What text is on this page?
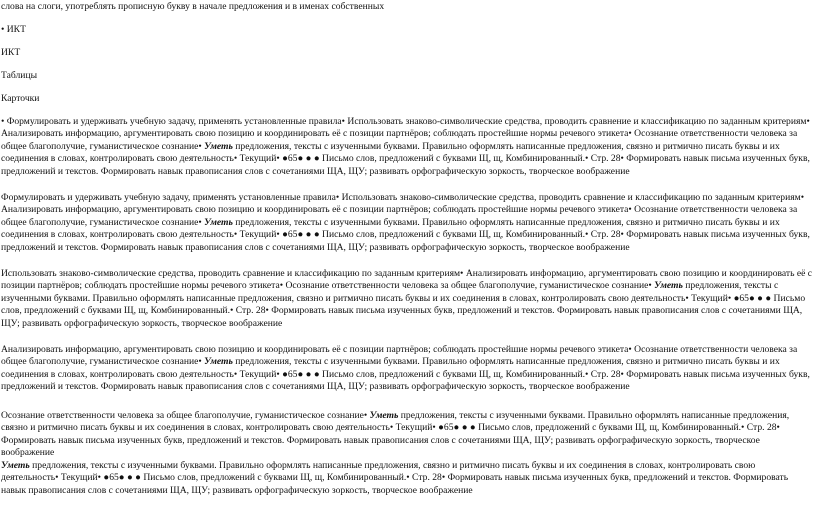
слова на слоги, употреблять прописную букву в начале предложения и в именах собственных
• ИКТ
ИКТ
Таблицы
Карточки
• Формулировать и удерживать учебную задачу, применять установленные правила• Использовать знаково-символические средства, проводить сравнение и классификацию по заданным критериям• Анализировать информацию, аргументировать свою позицию и координировать её с позиции партнёров; соблюдать простейшие нормы речевого этикета• Осознание ответственности человека за общее благополучие, гуманистическое сознание• Уметь предложения, тексты с изученными буквами. Правильно оформлять написанные предложения, связно и ритмично писать буквы и их соединения в словах, контролировать свою деятельность• Текущий• ●65● ● ● Письмо слов, предложений с буквами Щ, щ, Комбинированный.• Стр. 28• Формировать навык письма изученных букв, предложений и текстов. Формировать навык правописания слов с сочетаниями ЩΑ, ЩУ; развивать орфографическую зоркость, творческое воображение
Формулировать и удерживать учебную задачу, применять установленные правила• Использовать знаково-символические средства, проводить сравнение и классификацию по заданным критериям• Анализировать информацию, аргументировать свою позицию и координировать её с позиции партнёров; соблюдать простейшие нормы речевого этикета• Осознание ответственности человека за общее благополучие, гуманистическое сознание• Уметь предложения, тексты с изученными буквами. Правильно оформлять написанные предложения, связно и ритмично писать буквы и их соединения в словах, контролировать свою деятельность• Текущий• ●65● ● ● Письмо слов, предложений с буквами Щ, щ, Комбинированный.• Стр. 28• Формировать навык письма изученных букв, предложений и текстов. Формировать навык правописания слов с сочетаниями ЩΑ, ЩУ; развивать орфографическую зоркость, творческое воображение
Использовать знаково-символические средства, проводить сравнение и классификацию по заданным критериям• Анализировать информацию, аргументировать свою позицию и координировать её с позиции партнёров; соблюдать простейшие нормы речевого этикета• Осознание ответственности человека за общее благополучие, гуманистическое сознание• Уметь предложения, тексты с изученными буквами. Правильно оформлять написанные предложения, связно и ритмично писать буквы и их соединения в словах, контролировать свою деятельность• Текущий• ●65● ● ● Письмо слов, предложений с буквами Щ, щ, Комбинированный.• Стр. 28• Формировать навык письма изученных букв, предложений и текстов. Формировать навык правописания слов с сочетаниями ЩΑ, ЩУ; развивать орфографическую зоркость, творческое воображение
Анализировать информацию, аргументировать свою позицию и координировать её с позиции партнёров; соблюдать простейшие нормы речевого этикета• Осознание ответственности человека за общее благополучие, гуманистическое сознание• Уметь предложения, тексты с изученными буквами. Правильно оформлять написанные предложения, связно и ритмично писать буквы и их соединения в словах, контролировать свою деятельность• Текущий• ●65● ● ● Письмо слов, предложений с буквами Щ, щ, Комбинированный.• Стр. 28• Формировать навык письма изученных букв, предложений и текстов. Формировать навык правописания слов с сочетаниями ЩΑ, ЩУ; развивать орфографическую зоркость, творческое воображение
Осознание ответственности человека за общее благополучие, гуманистическое сознание• Уметь предложения, тексты с изученными буквами. Правильно оформлять написанные предложения, связно и ритмично писать буквы и их соединения в словах, контролировать свою деятельность• Текущий• ●65● ● ● Письмо слов, предложений с буквами Щ, щ, Комбинированный.• Стр. 28• Формировать навык письма изученных букв, предложений и текстов. Формировать навык правописания слов с сочетаниями ЩΑ, ЩУ; развивать орфографическую зоркость, творческое воображение
Уметь предложения, тексты с изученными буквами. Правильно оформлять написанные предложения, связно и ритмично писать буквы и их соединения в словах, контролировать свою деятельность• Текущий• ●65● ● ● Письмо слов, предложений с буквами Щ, щ, Комбинированный.• Стр. 28• Формировать навык письма изученных букв, предложений и текстов. Формировать навык правописания слов с сочетаниями ЩΑ, ЩУ; развивать орфографическую зоркость, творческое воображение
